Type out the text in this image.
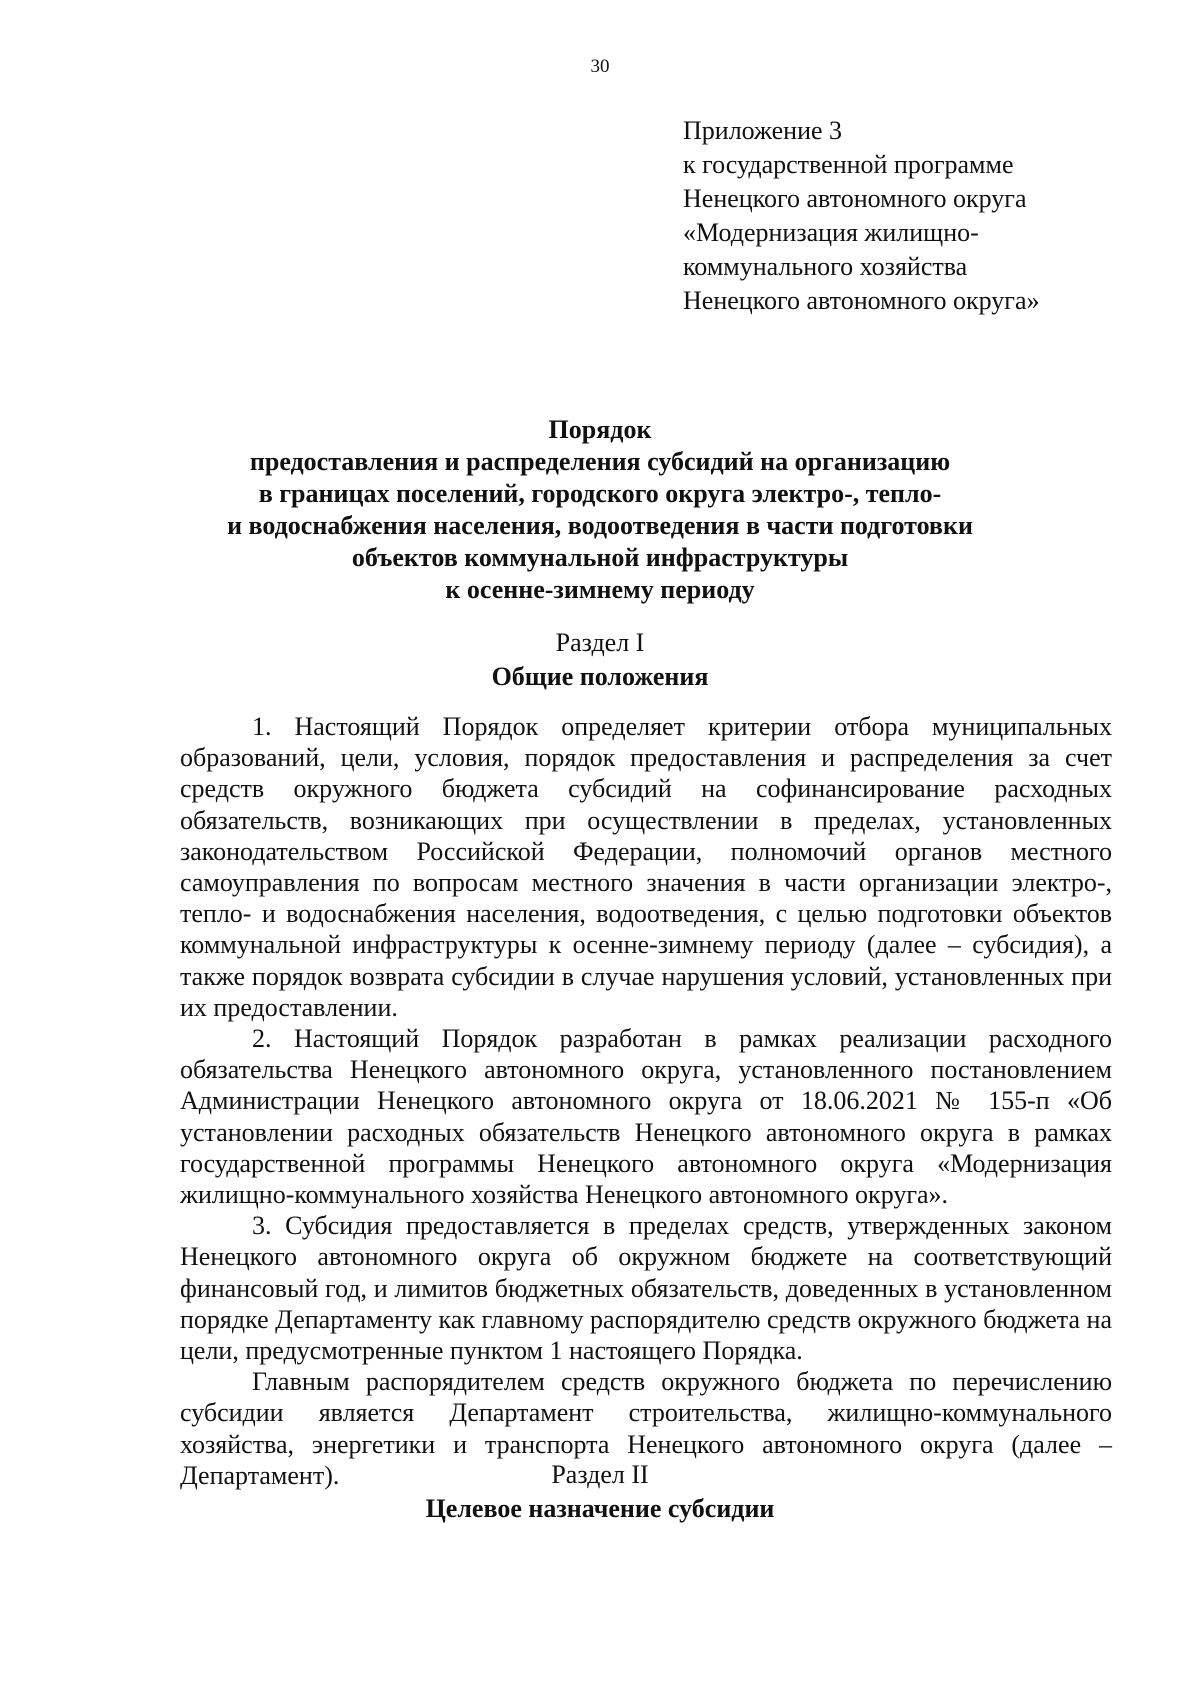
30
Приложение 3
к государственной программе
Ненецкого автономного округа
«Модернизация жилищно-
коммунального хозяйства
Ненецкого автономного округа»
Порядок
предоставления и распределения субсидий на организацию
в границах поселений, городского округа электро-, тепло-
и водоснабжения населения, водоотведения в части подготовки
объектов коммунальной инфраструктуры
к осенне-зимнему периоду
Раздел I
Общие положения

1. Настоящий Порядок определяет критерии отбора муниципальных образований, цели, условия, порядок предоставления и распределения за счет средств окружного бюджета субсидий на софинансирование расходных обязательств, возникающих при осуществлении в пределах, установленных законодательством Российской Федерации, полномочий органов местного самоуправления по вопросам местного значения в части организации электро-, тепло- и водоснабжения населения, водоотведения, с целью подготовки объектов коммунальной инфраструктуры к осенне-зимнему периоду (далее – субсидия), а также порядок возврата субсидии в случае нарушения условий, установленных при их предоставлении.

2. Настоящий Порядок разработан в рамках реализации расходного обязательства Ненецкого автономного округа, установленного постановлением Администрации Ненецкого автономного округа от 18.06.2021 № 155-п «Об установлении расходных обязательств Ненецкого автономного округа в рамках государственной программы Ненецкого автономного округа «Модернизация жилищно-коммунального хозяйства Ненецкого автономного округа».

3. Субсидия предоставляется в пределах средств, утвержденных законом Ненецкого автономного округа об окружном бюджете на соответствующий финансовый год, и лимитов бюджетных обязательств, доведенных в установленном порядке Департаменту как главному распорядителю средств окружного бюджета на цели, предусмотренные пунктом 1 настоящего Порядка.

Главным распорядителем средств окружного бюджета по перечислению субсидии является Департамент строительства, жилищно-коммунального хозяйства, энергетики и транспорта Ненецкого автономного округа (далее – Департамент).	Раздел II
Целевое назначение субсидии
